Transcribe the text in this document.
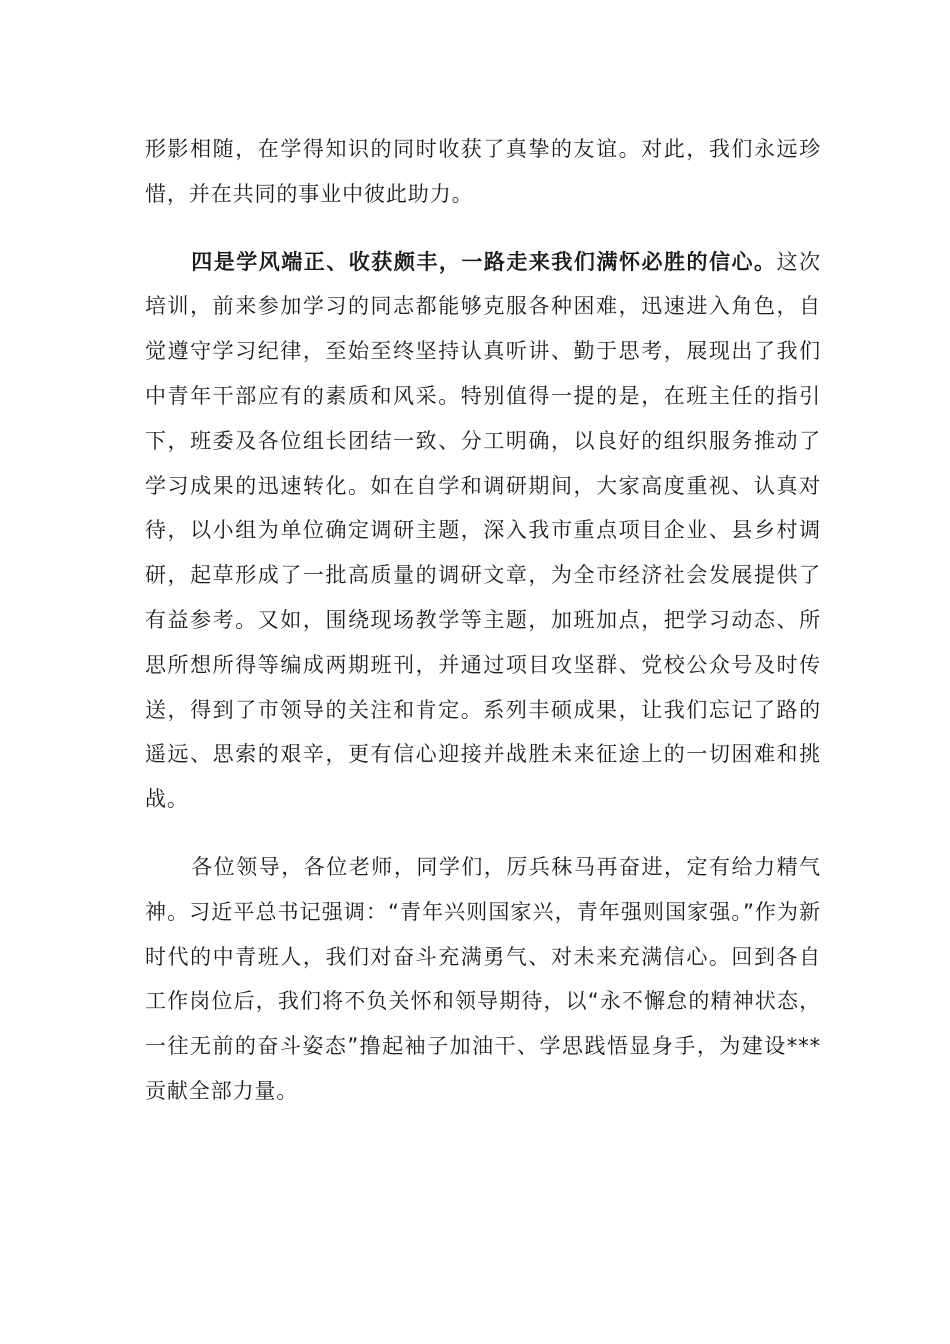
形影相随，在学得知识的同时收获了真挚的友谊。对此，我们永远珍惜，并在共同的事业中彼此助力。

四是学风端正、收获颇丰，一路走来我们满怀必胜的信心。这次培训，前来参加学习的同志都能够克服各种困难，迅速进入角色，自觉遵守学习纪律，至始至终坚持认真听讲、勤于思考，展现出了我们中青年干部应有的素质和风采。特别值得一提的是，在班主任的指引下，班委及各位组长团结一致、分工明确，以良好的组织服务推动了学习成果的迅速转化。如在自学和调研期间，大家高度重视、认真对待，以小组为单位确定调研主题，深入我市重点项目企业、县乡村调研，起草形成了一批高质量的调研文章，为全市经济社会发展提供了有益参考。又如，围绕现场教学等主题，加班加点，把学习动态、所思所想所得等编成两期班刊，并通过项目攻坚群、党校公众号及时传送，得到了市领导的关注和肯定。系列丰硕成果，让我们忘记了路的遥远、思索的艰辛，更有信心迎接并战胜未来征途上的一切困难和挑战。

各位领导，各位老师，同学们，厉兵秣马再奋进，定有给力精气神。习近平总书记强调：“青年兴则国家兴，青年强则国家强。”作为新时代的中青班人，我们对奋斗充满勇气、对未来充满信心。回到各自工作岗位后，我们将不负关怀和领导期待，以“永不懈怠的精神状态，一往无前的奋斗姿态”撸起袖子加油干、学思践悟显身手，为建设***贡献全部力量。
